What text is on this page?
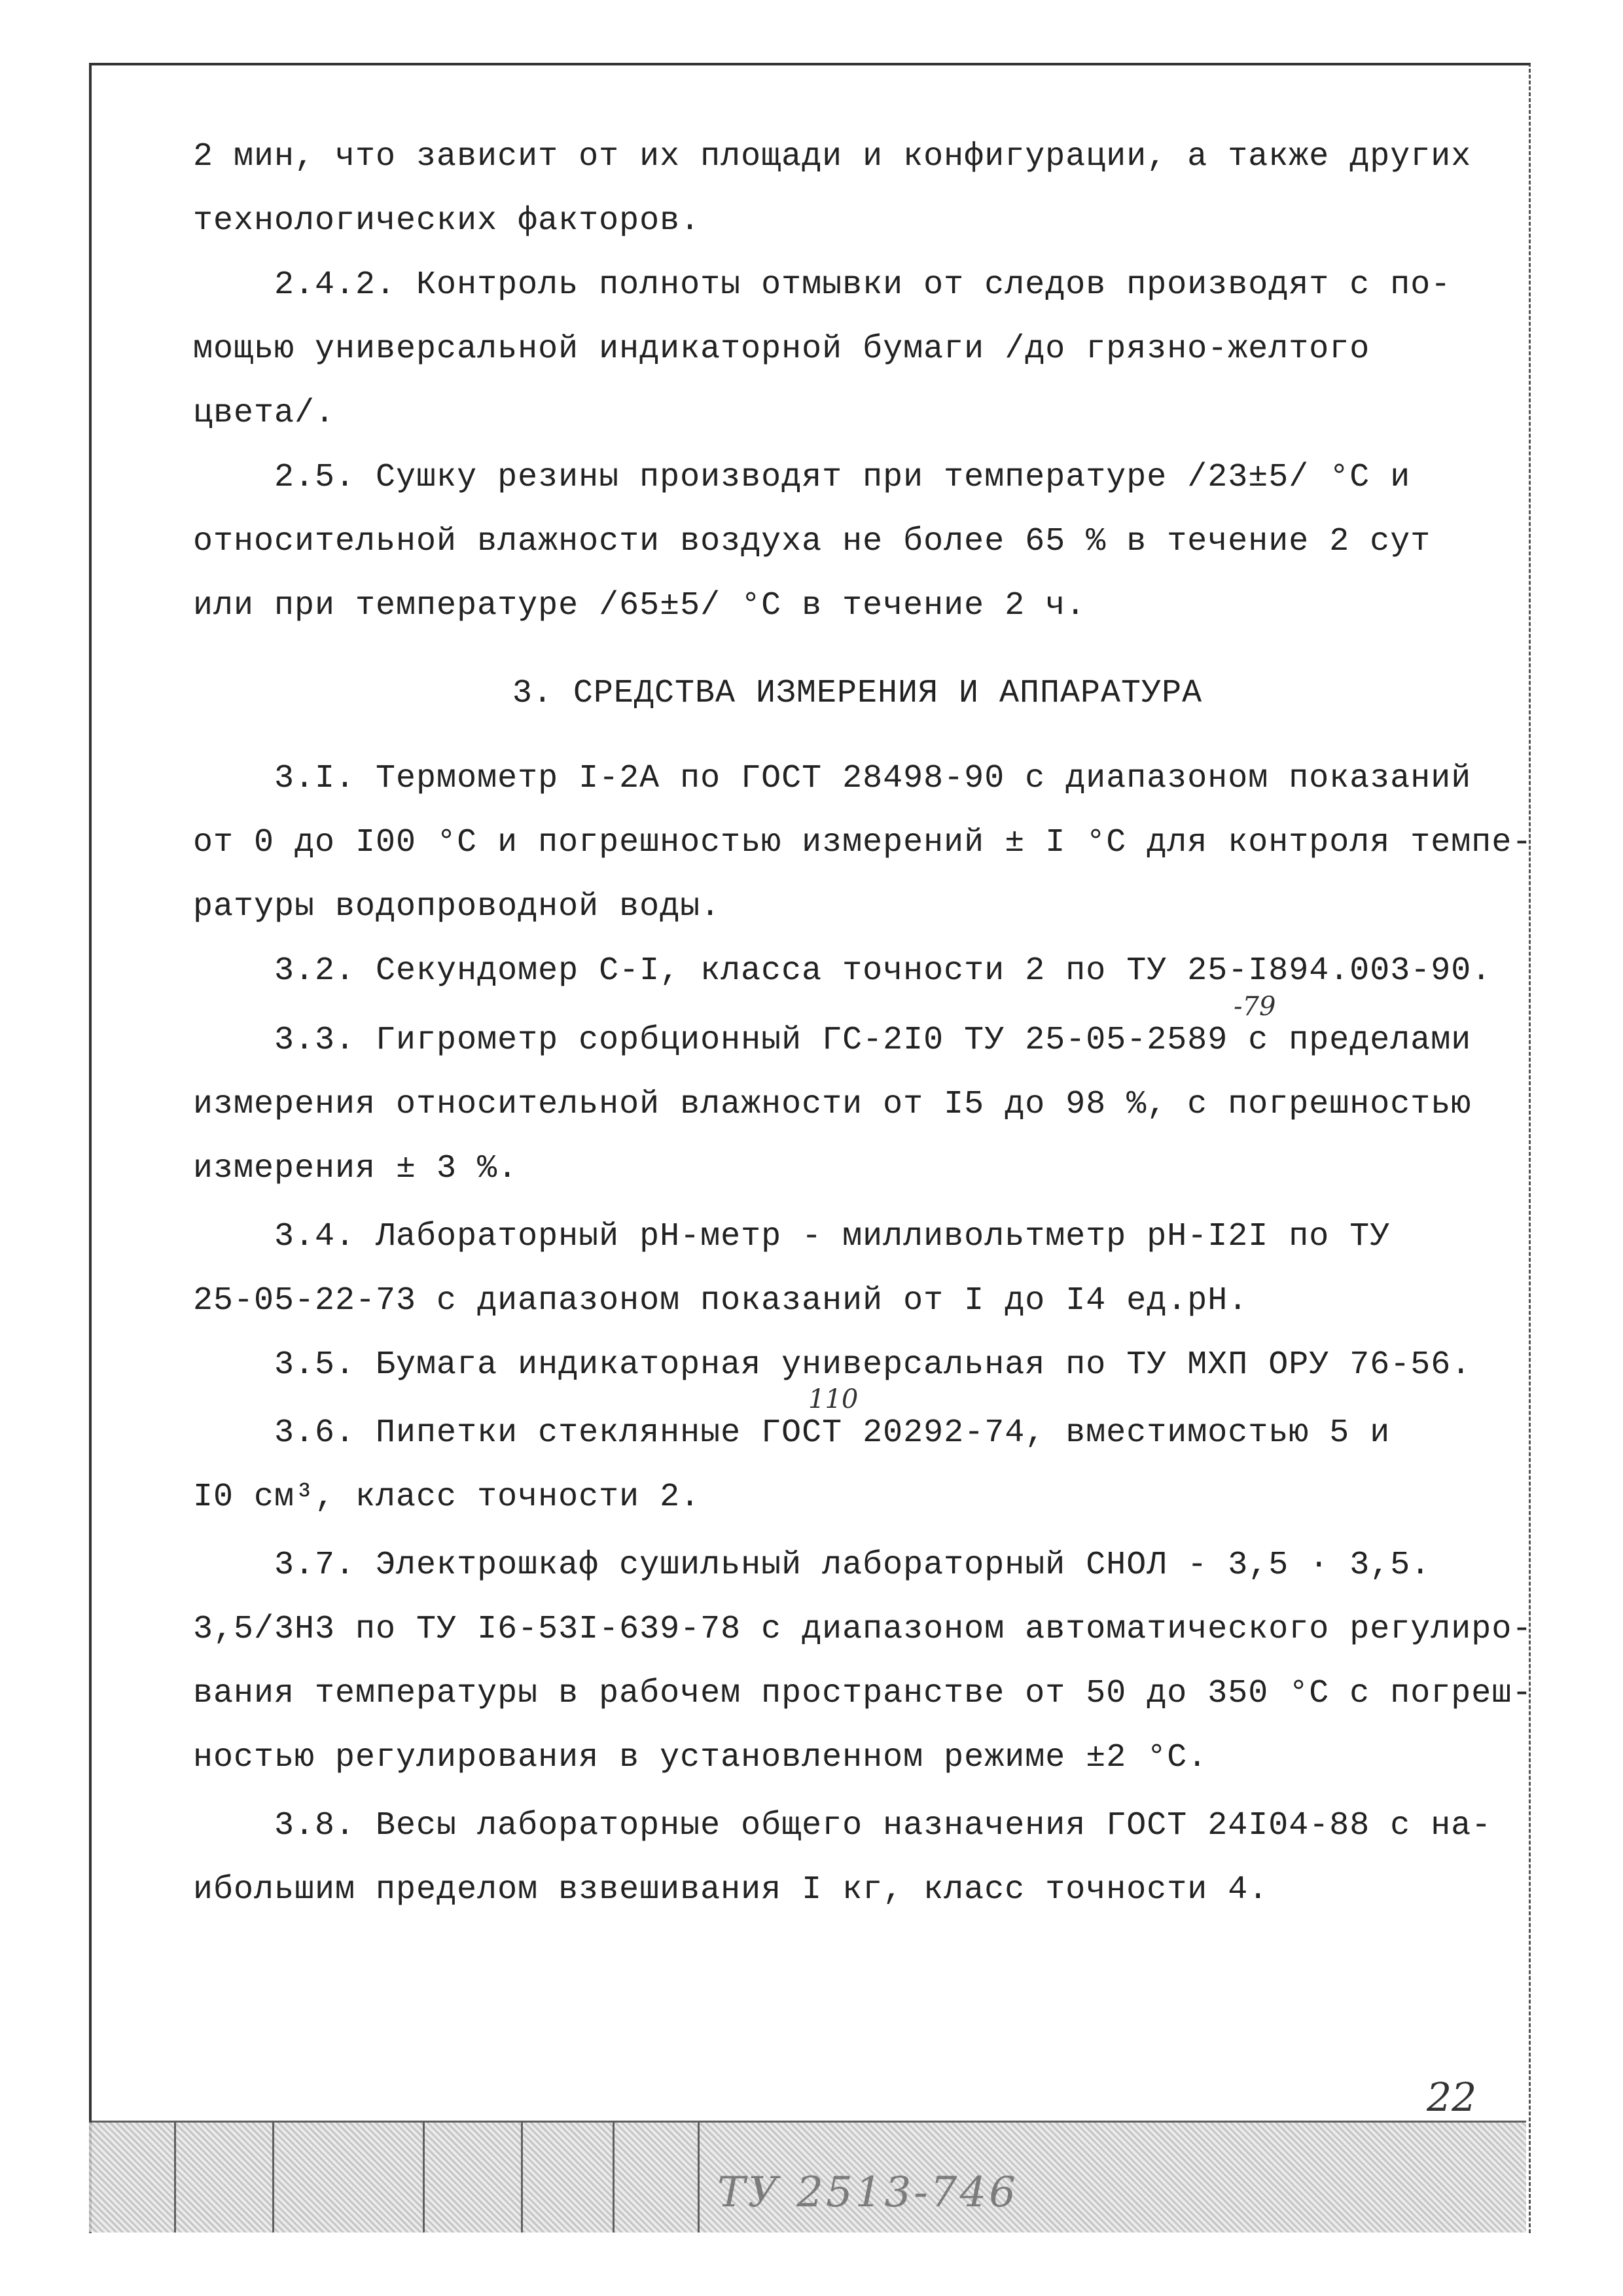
2 мин, что зависит от их площади и конфигурации, а также других
технологических факторов.
2.4.2. Контроль полноты отмывки от следов производят с по-
мощью универсальной индикаторной бумаги /до грязно-желтого
цвета/.
2.5. Сушку резины производят при температуре /23±5/ °С и
относительной влажности воздуха не более 65 % в течение 2 сут
или при температуре /65±5/ °С в течение 2 ч.
3. СРЕДСТВА ИЗМЕРЕНИЯ И АППАРАТУРА
3.I. Термометр I-2А по ГОСТ 28498-90 с диапазоном показаний
от 0 до I00 °С и погрешностью измерений ± I °С для контроля темпе-
ратуры водопроводной воды.
3.2. Секундомер С-I, класса точности 2 по ТУ 25-I894.003-90.
3.3. Гигрометр сорбционный ГС-2I0 ТУ 25-05-2589 с пределами
измерения относительной влажности от I5 до 98 %, с погрешностью
измерения ± 3 %.
3.4. Лабораторный рН-метр - милливольтметр рН-I2I по ТУ
25-05-22-73 с диапазоном показаний от I до I4 ед.рН.
3.5. Бумага индикаторная универсальная по ТУ МХП ОРУ 76-56.
3.6. Пипетки стеклянные ГОСТ 20292-74, вместимостью 5 и
I0 см³, класс точности 2.
3.7. Электрошкаф сушильный лабораторный СНОЛ - 3,5 · 3,5.
3,5/3Н3 по ТУ I6-53I-639-78 с диапазоном автоматического регулиро-
вания температуры в рабочем пространстве от 50 до 350 °С с погреш-
ностью регулирования в установленном режиме ±2 °С.
3.8. Весы лабораторные общего назначения ГОСТ 24I04-88 с на-
ибольшим пределом взвешивания I кг, класс точности 4.
-79
110
22
ТУ 2513-746
